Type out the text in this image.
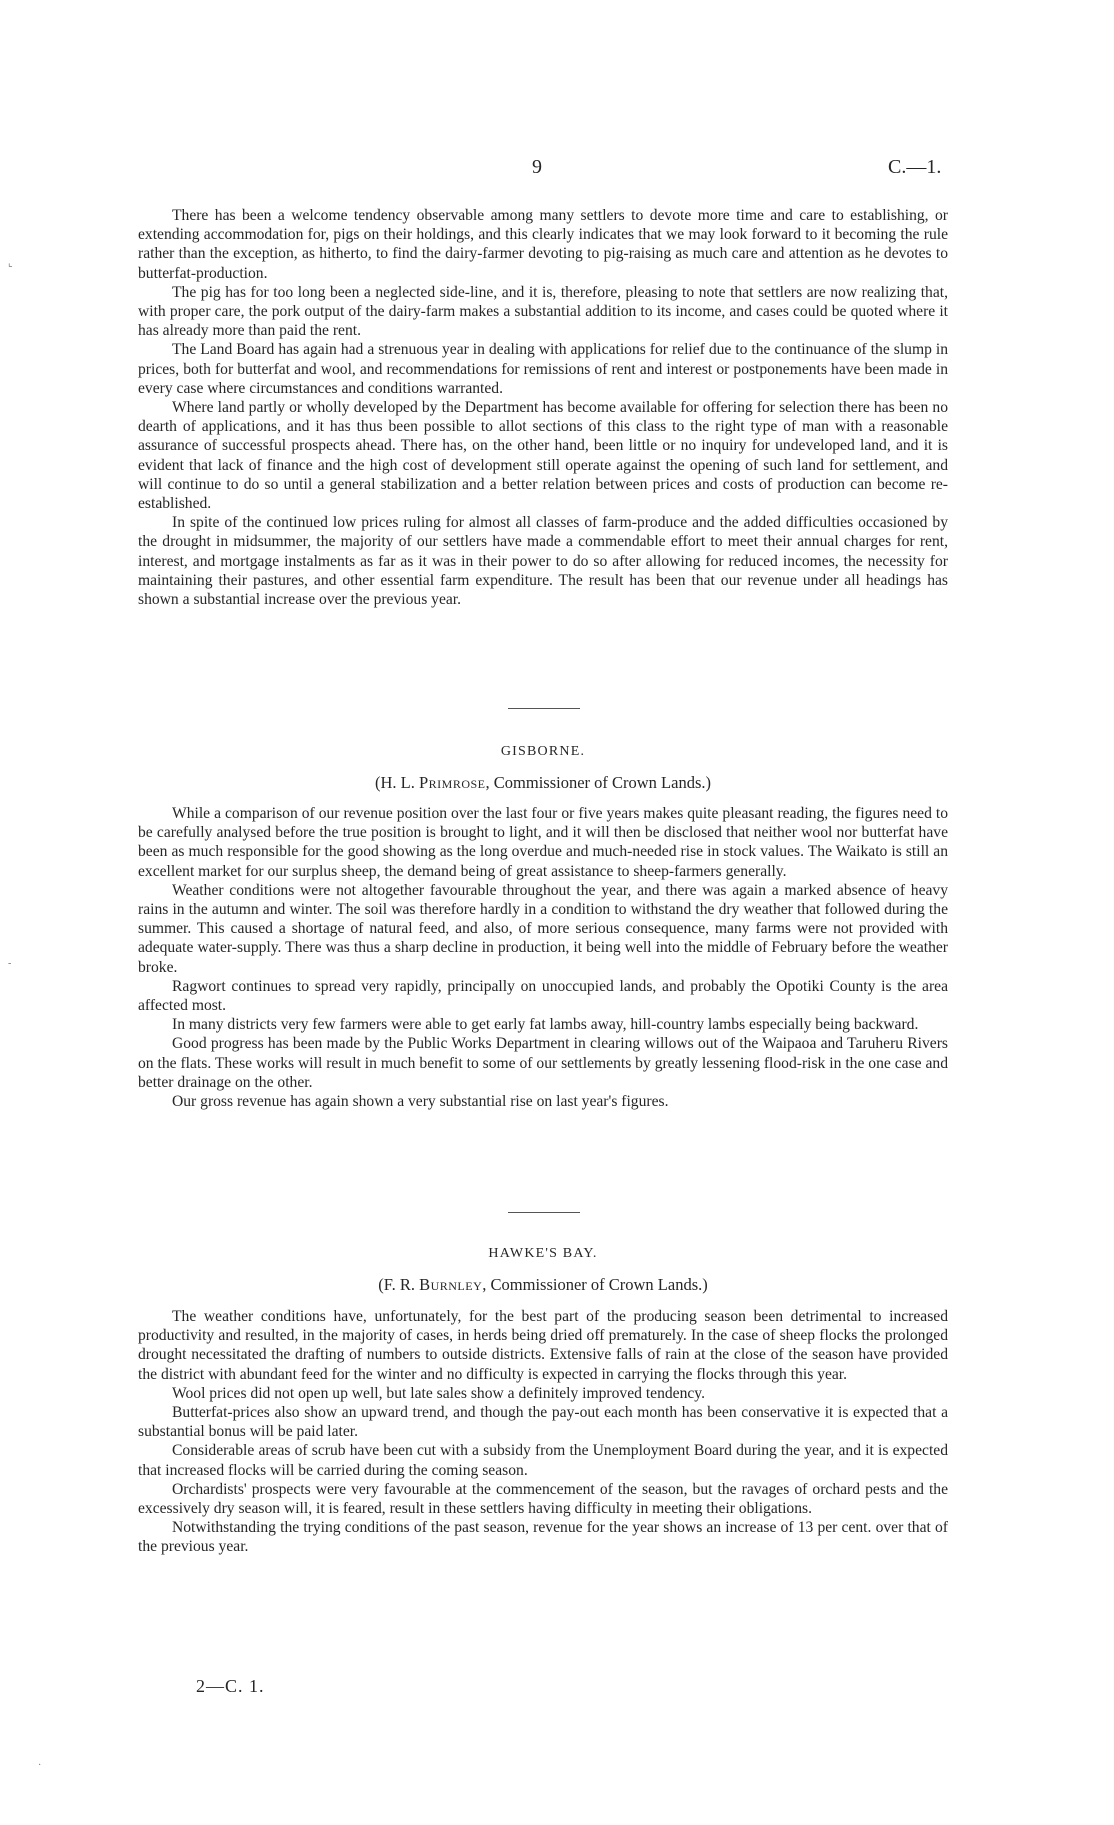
9	C.—1.

There has been a welcome tendency observable among many settlers to devote more time and care to establishing, or extending accommodation for, pigs on their holdings, and this clearly indicates that we may look forward to it becoming the rule rather than the exception, as hitherto, to find the dairy-farmer devoting to pig-raising as much care and attention as he devotes to butterfat-production.

The pig has for too long been a neglected side-line, and it is, therefore, pleasing to note that settlers are now realizing that, with proper care, the pork output of the dairy-farm makes a substantial addition to its income, and cases could be quoted where it has already more than paid the rent.

The Land Board has again had a strenuous year in dealing with applications for relief due to the continuance of the slump in prices, both for butterfat and wool, and recommendations for remissions of rent and interest or postponements have been made in every case where circumstances and conditions warranted.

Where land partly or wholly developed by the Department has become available for offering for selection there has been no dearth of applications, and it has thus been possible to allot sections of this class to the right type of man with a reasonable assurance of successful prospects ahead. There has, on the other hand, been little or no inquiry for undeveloped land, and it is evident that lack of finance and the high cost of development still operate against the opening of such land for settlement, and will continue to do so until a general stabilization and a better relation between prices and costs of production can become re-established.

In spite of the continued low prices ruling for almost all classes of farm-produce and the added difficulties occasioned by the drought in midsummer, the majority of our settlers have made a commendable effort to meet their annual charges for rent, interest, and mortgage instalments as far as it was in their power to do so after allowing for reduced incomes, the necessity for maintaining their pastures, and other essential farm expenditure. The result has been that our revenue under all headings has shown a substantial increase over the previous year.

GISBORNE.
(H. L. Primrose, Commissioner of Crown Lands.)

While a comparison of our revenue position over the last four or five years makes quite pleasant reading, the figures need to be carefully analysed before the true position is brought to light, and it will then be disclosed that neither wool nor butterfat have been as much responsible for the good showing as the long overdue and much-needed rise in stock values. The Waikato is still an excellent market for our surplus sheep, the demand being of great assistance to sheep-farmers generally.

Weather conditions were not altogether favourable throughout the year, and there was again a marked absence of heavy rains in the autumn and winter. The soil was therefore hardly in a condition to withstand the dry weather that followed during the summer. This caused a shortage of natural feed, and also, of more serious consequence, many farms were not provided with adequate water-supply. There was thus a sharp decline in production, it being well into the middle of February before the weather broke.

Ragwort continues to spread very rapidly, principally on unoccupied lands, and probably the Opotiki County is the area affected most.

In many districts very few farmers were able to get early fat lambs away, hill-country lambs especially being backward.

Good progress has been made by the Public Works Department in clearing willows out of the Waipaoa and Taruheru Rivers on the flats. These works will result in much benefit to some of our settlements by greatly lessening flood-risk in the one case and better drainage on the other.

Our gross revenue has again shown a very substantial rise on last year's figures.

HAWKE'S BAY.
(F. R. Burnley, Commissioner of Crown Lands.)

The weather conditions have, unfortunately, for the best part of the producing season been detrimental to increased productivity and resulted, in the majority of cases, in herds being dried off prematurely. In the case of sheep flocks the prolonged drought necessitated the drafting of numbers to outside districts. Extensive falls of rain at the close of the season have provided the district with abundant feed for the winter and no difficulty is expected in carrying the flocks through this year.

Wool prices did not open up well, but late sales show a definitely improved tendency.

Butterfat-prices also show an upward trend, and though the pay-out each month has been conservative it is expected that a substantial bonus will be paid later.

Considerable areas of scrub have been cut with a subsidy from the Unemployment Board during the year, and it is expected that increased flocks will be carried during the coming season.

Orchardists' prospects were very favourable at the commencement of the season, but the ravages of orchard pests and the excessively dry season will, it is feared, result in these settlers having difficulty in meeting their obligations.

Notwithstanding the trying conditions of the past season, revenue for the year shows an increase of 13 per cent. over that of the previous year.

2—C. 1.
⌞
-
·
